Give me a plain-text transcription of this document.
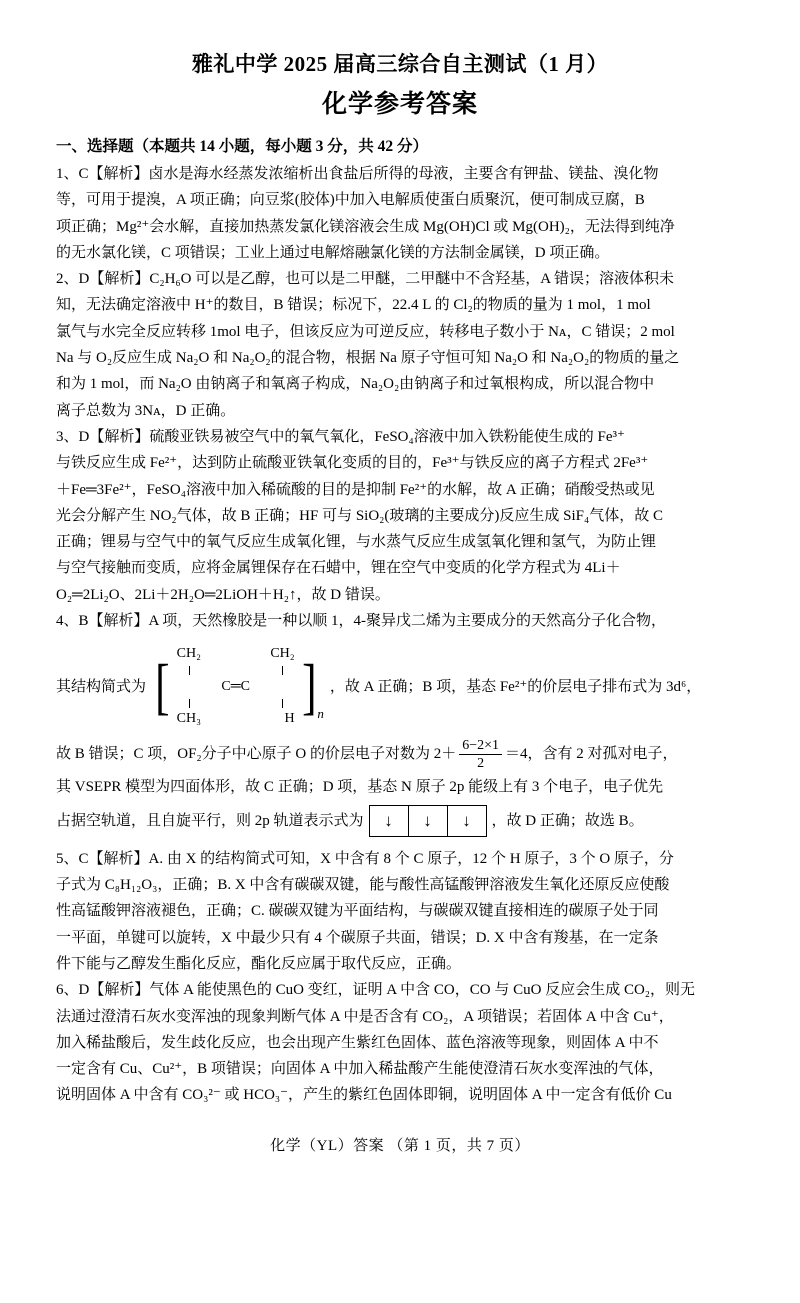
雅礼中学 2025 届高三综合自主测试（1 月）
化学参考答案
一、选择题（本题共 14 小题，每小题 3 分，共 42 分）

1、C【解析】卤水是海水经蒸发浓缩析出食盐后所得的母液，主要含有钾盐、镁盐、溴化物

等，可用于提溴，A 项正确；向豆浆(胶体)中加入电解质使蛋白质聚沉，便可制成豆腐，B

项正确；Mg²⁺会水解，直接加热蒸发氯化镁溶液会生成 Mg(OH)Cl 或 Mg(OH)₂，无法得到纯净

的无水氯化镁，C 项错误；工业上通过电解熔融氯化镁的方法制金属镁，D 项正确。

2、D【解析】C₂H₆O 可以是乙醇，也可以是二甲醚，二甲醚中不含羟基，A 错误；溶液体积未

知，无法确定溶液中 H⁺的数目，B 错误；标况下，22.4 L 的 Cl₂的物质的量为 1 mol，1 mol

氯气与水完全反应转移 1mol 电子，但该反应为可逆反应，转移电子数小于 Nᴀ，C 错误；2 mol

Na 与 O₂反应生成 Na₂O 和 Na₂O₂的混合物，根据 Na 原子守恒可知 Na₂O 和 Na₂O₂的物质的量之

和为 1 mol，而 Na₂O 由钠离子和氧离子构成，Na₂O₂由钠离子和过氧根构成，所以混合物中

离子总数为 3Nᴀ，D 正确。

3、D【解析】硫酸亚铁易被空气中的氧气氧化，FeSO₄溶液中加入铁粉能使生成的 Fe³⁺

与铁反应生成 Fe²⁺，达到防止硫酸亚铁氧化变质的目的，Fe³⁺与铁反应的离子方程式 2Fe³⁺

＋Fe═3Fe²⁺，FeSO₄溶液中加入稀硫酸的目的是抑制 Fe²⁺的水解，故 A 正确；硝酸受热或见

光会分解产生 NO₂气体，故 B 正确；HF 可与 SiO₂(玻璃的主要成分)反应生成 SiF₄气体，故 C

正确；锂易与空气中的氧气反应生成氧化锂，与水蒸气反应生成氢氧化锂和氢气，为防止锂

与空气接触而变质，应将金属锂保存在石蜡中，锂在空气中变质的化学方程式为 4Li＋

O₂═2Li₂O、2Li＋2H₂O═2LiOH＋H₂↑，故 D 错误。

4、B【解析】A 项，天然橡胶是一种以顺 1，4-聚异戊二烯为主要成分的天然高分子化合物，

其结构简式为 [ CH₂	CH₂
C═C
CH₃	H ] n
，故 A 正确；B 项，基态 Fe²⁺的价层电子排布式为 3d⁶，
故 B 错误；C 项，OF₂分子中心原子 O 的价层电子对数为 $2+ \frac{6-2\times 1}{2} =4$，含有 2 对孤对电子，

其 VSEPR 模型为四面体形，故 C 正确；D 项，基态 N 原子 2p 能级上有 3 个电子，电子优先

占据空轨道，且自旋平行，则 2p 轨道表示式为	↓	↓	↓	，故 D 正确；故选 B。

5、C【解析】A. 由 X 的结构简式可知，X 中含有 8 个 C 原子，12 个 H 原子，3 个 O 原子，分

子式为 C₈H₁₂O₃，正确；B. X 中含有碳碳双键，能与酸性高锰酸钾溶液发生氧化还原反应使酸

性高锰酸钾溶液褪色，正确；C. 碳碳双键为平面结构，与碳碳双键直接相连的碳原子处于同

一平面，单键可以旋转，X 中最少只有 4 个碳原子共面，错误；D. X 中含有羧基，在一定条

件下能与乙醇发生酯化反应，酯化反应属于取代反应，正确。

6、D【解析】气体 A 能使黑色的 CuO 变红，证明 A 中含 CO，CO 与 CuO 反应会生成 CO₂，则无

法通过澄清石灰水变浑浊的现象判断气体 A 中是否含有 CO₂，A 项错误；若固体 A 中含 Cu⁺，

加入稀盐酸后，发生歧化反应，也会出现产生紫红色固体、蓝色溶液等现象，则固体 A 中不

一定含有 Cu、Cu²⁺，B 项错误；向固体 A 中加入稀盐酸产生能使澄清石灰水变浑浊的气体，

说明固体 A 中含有 CO₃²⁻ 或 HCO₃⁻，产生的紫红色固体即铜，说明固体 A 中一定含有低价 Cu

化学（YL）答案 （第 1 页，共 7 页）
